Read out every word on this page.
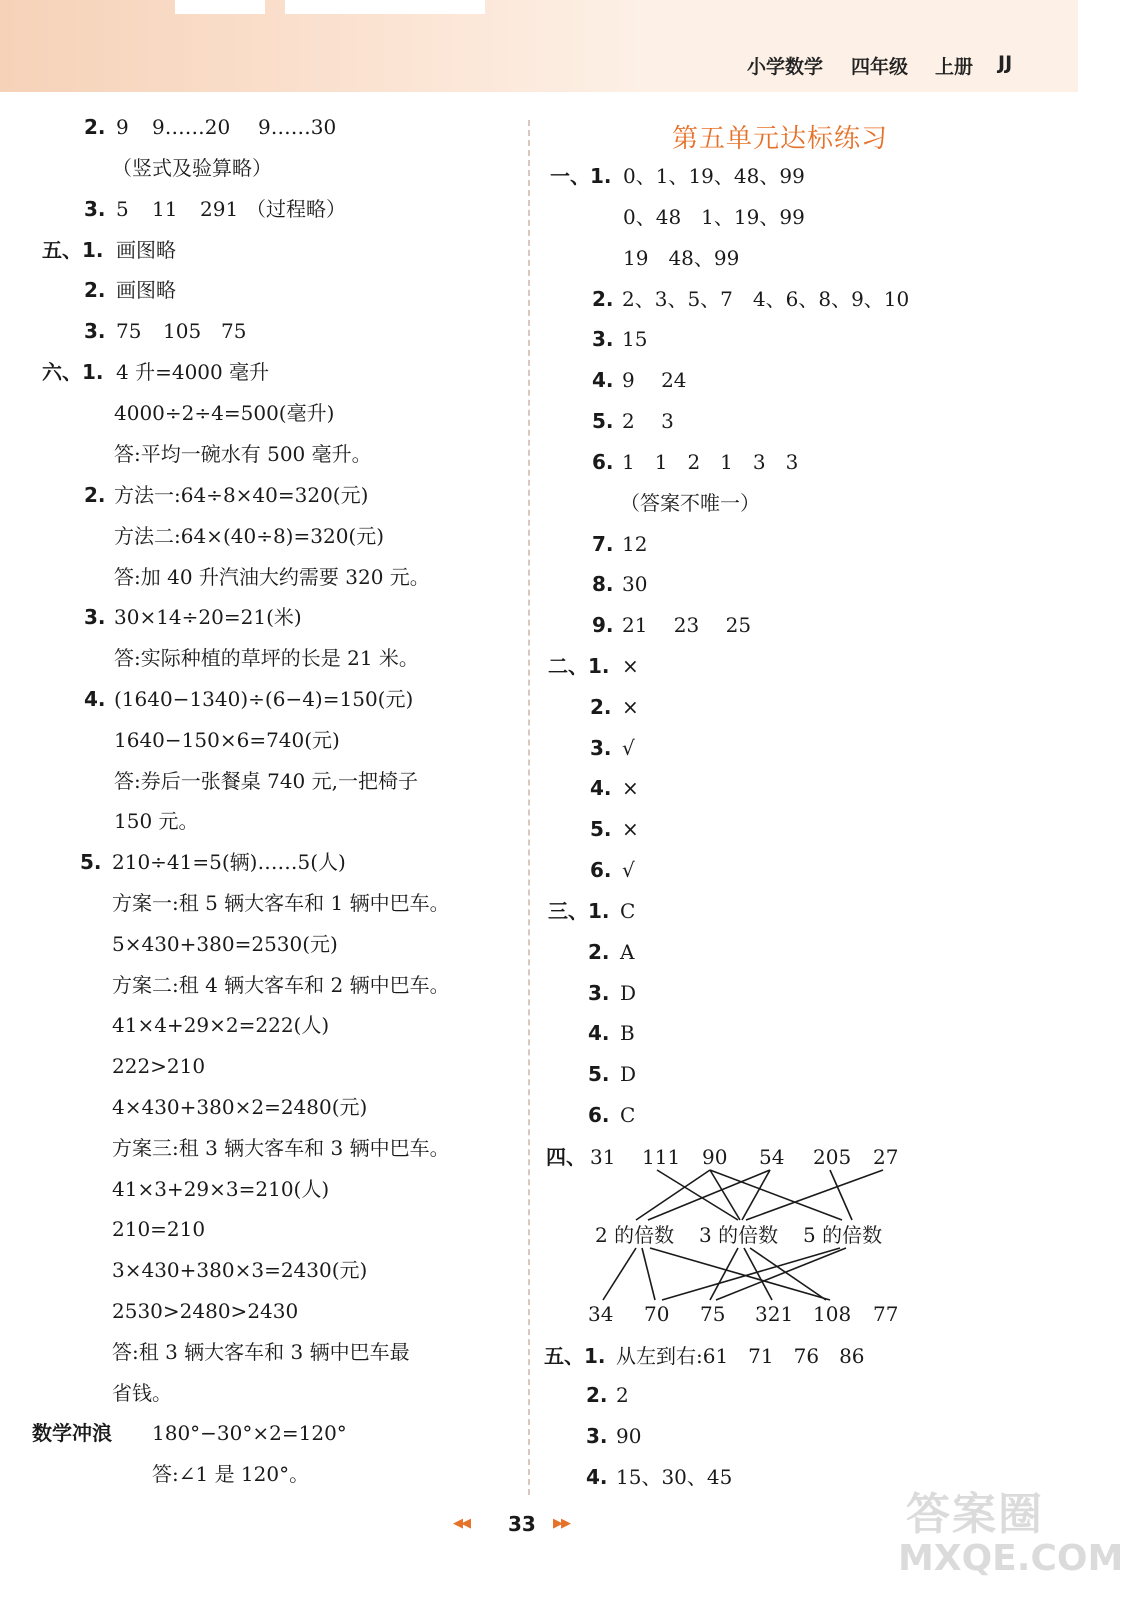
小学数学 四年级 上册 JJ
2. 9 9……20 9……30
（竖式及验算略）
3. 5 11 291 （过程略）
五、1. 画图略
2. 画图略
3. 75 105 75
六、1. 4 升=4000 毫升
4000÷2÷4=500(毫升)
答:平均一碗水有 500 毫升。
2. 方法一:64÷8×40=320(元)
方法二:64×(40÷8)=320(元)
答:加 40 升汽油大约需要 320 元。
3. 30×14÷20=21(米)
答:实际种植的草坪的长是 21 米。
4. (1640−1340)÷(6−4)=150(元)
1640−150×6=740(元)
答:券后一张餐桌 740 元,一把椅子
150 元。
5. 210÷41=5(辆)……5(人)
方案一:租 5 辆大客车和 1 辆中巴车。
5×430+380=2530(元)
方案二:租 4 辆大客车和 2 辆中巴车。
41×4+29×2=222(人)
222>210
4×430+380×2=2480(元)
方案三:租 3 辆大客车和 3 辆中巴车。
41×3+29×3=210(人)
210=210
3×430+380×3=2430(元)
2530>2480>2430
答:租 3 辆大客车和 3 辆中巴车最
省钱。
数学冲浪 180°−30°×2=120°
答:∠1 是 120°。
第五单元达标练习
一、1. 0、1、19、48、99
0、48　1、19、99
19　48、99
2. 2、3、5、7　4、6、8、9、10
3. 15
4. 9　 24
5. 2　 3
6. 1　1　2　1　3　3
（答案不唯一）
7. 12
8. 30
9. 21　 23　 25
二、1. ×
2. ×
3. √
4. ×
5. ×
6. √
三、1. C
2. A
3. D
4. B
5. D
6. C
四、 31 111 90 54 205 27
2 的倍数 3 的倍数 5 的倍数
34 70 75 321 108 77
五、1. 从左到右:61　71　76　86
2. 2
3. 90
4. 15、30、45
◀◀ 33 ▶▶	答案圈
MXQE.COM
